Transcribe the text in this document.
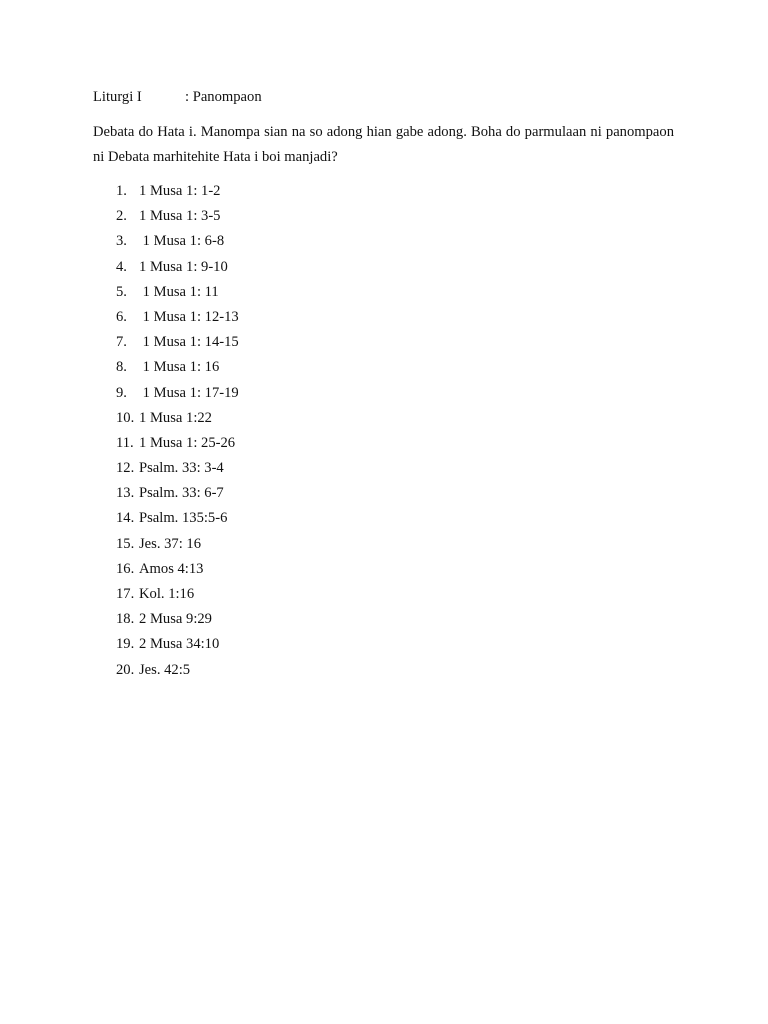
Liturgi I	: Panompaon

Debata do Hata i. Manompa sian na so adong hian gabe adong. Boha do parmulaan ni panompaon ni Debata marhitehite Hata i boi manjadi?

1. 1 Musa 1: 1-2
2. 1 Musa 1: 3-5
3. 1 Musa 1: 6-8
4. 1 Musa 1: 9-10
5. 1 Musa 1: 11
6. 1 Musa 1: 12-13
7. 1 Musa 1: 14-15
8. 1 Musa 1: 16
9. 1 Musa 1: 17-19
10. 1 Musa 1:22
11. 1 Musa 1: 25-26
12. Psalm. 33: 3-4
13. Psalm. 33: 6-7
14. Psalm. 135:5-6
15. Jes. 37: 16
16. Amos 4:13
17. Kol. 1:16
18. 2 Musa 9:29
19. 2 Musa 34:10
20. Jes. 42:5
